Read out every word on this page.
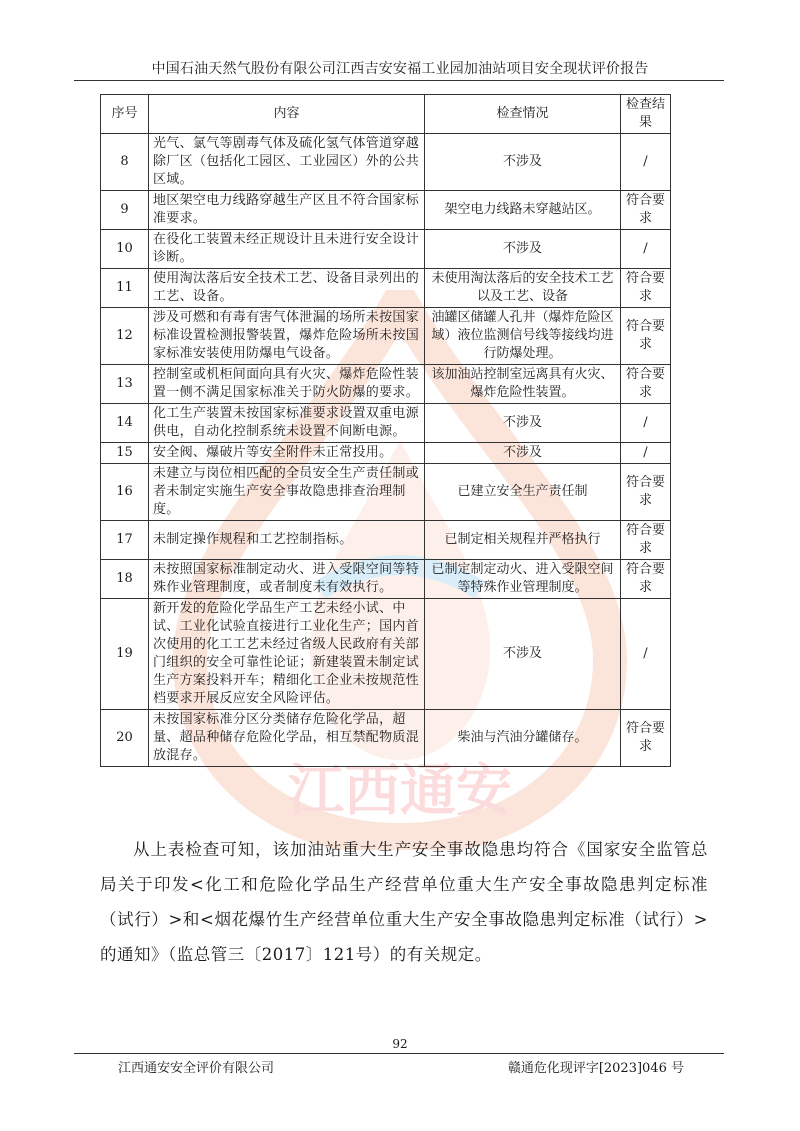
中国石油天然气股份有限公司江西吉安安福工业园加油站项目安全现状评价报告
江西通安
序号	内容	检查情况	检查结果
8	光气、氯气等剧毒气体及硫化氢气体管道穿越除厂区（包括化工园区、工业园区）外的公共区域。	不涉及	/
9	地区架空电力线路穿越生产区且不符合国家标准要求。	架空电力线路未穿越站区。	符合要求
10	在役化工装置未经正规设计且未进行安全设计诊断。	不涉及	/
11	使用淘汰落后安全技术工艺、设备目录列出的工艺、设备。	未使用淘汰落后的安全技术工艺以及工艺、设备	符合要求
12	涉及可燃和有毒有害气体泄漏的场所未按国家标准设置检测报警装置，爆炸危险场所未按国家标准安装使用防爆电气设备。	油罐区储罐人孔井（爆炸危险区域）液位监测信号线等接线均进行防爆处理。	符合要求
13	控制室或机柜间面向具有火灾、爆炸危险性装置一侧不满足国家标准关于防火防爆的要求。	该加油站控制室远离具有火灾、爆炸危险性装置。	符合要求
14	化工生产装置未按国家标准要求设置双重电源供电，自动化控制系统未设置不间断电源。	不涉及	/
15	安全阀、爆破片等安全附件未正常投用。	不涉及	/
16	未建立与岗位相匹配的全员安全生产责任制或者未制定实施生产安全事故隐患排查治理制度。	已建立安全生产责任制	符合要求
17	未制定操作规程和工艺控制指标。	已制定相关规程并严格执行	符合要求
18	未按照国家标准制定动火、进入受限空间等特殊作业管理制度，或者制度未有效执行。	已制定制定动火、进入受限空间等特殊作业管理制度。	符合要求
19	新开发的危险化学品生产工艺未经小试、中试、工业化试验直接进行工业化生产；国内首次使用的化工工艺未经过省级人民政府有关部门组织的安全可靠性论证；新建装置未制定试生产方案投料开车；精细化工企业未按规范性档要求开展反应安全风险评估。	不涉及	/
20	未按国家标准分区分类储存危险化学品，超量、超品种储存危险化学品，相互禁配物质混放混存。	柴油与汽油分罐储存。	符合要求
从上表检查可知，该加油站重大生产安全事故隐患均符合《国家安全监管总局关于印发<化工和危险化学品生产经营单位重大生产安全事故隐患判定标准（试行）>和<烟花爆竹生产经营单位重大生产安全事故隐患判定标准（试行）>的通知》（监总管三〔2017〕121号）的有关规定。
92
江西通安安全评价有限公司	赣通危化现评字[2023]046 号
